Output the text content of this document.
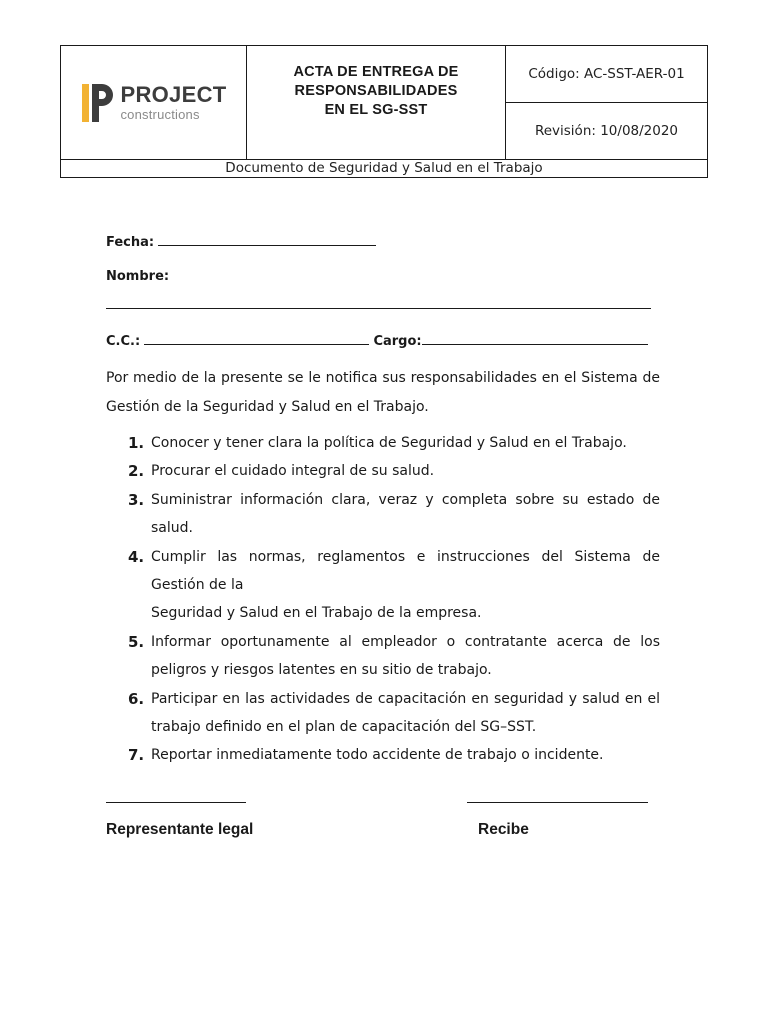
PROJECT
constructions

ACTA DE ENTREGA DE
RESPONSABILIDADES
EN EL SG-SST
	Código: AC-SST-AER-01
Revisión: 10/08/2020
Documento de Seguridad y Salud en el Trabajo
Fecha:
Nombre:
C.C.:	Cargo:

Por medio de la presente se le notifica sus responsabilidades en el Sistema de Gestión de la Seguridad y Salud en el Trabajo.

1. Conocer y tener clara la política de Seguridad y Salud en el Trabajo.
2. Procurar el cuidado integral de su salud.
3. Suministrar información clara, veraz y completa sobre su estado de salud.
4. Cumplir las normas, reglamentos e instrucciones del Sistema de Gestión de la
Seguridad y Salud en el Trabajo de la empresa.
5. Informar oportunamente al empleador o contratante acerca de los peligros y riesgos latentes en su sitio de trabajo.
6. Participar en las actividades de capacitación en seguridad y salud en el trabajo definido en el plan de capacitación del SG–SST.
7. Reportar inmediatamente todo accidente de trabajo o incidente.
Representante legal	Recibe
